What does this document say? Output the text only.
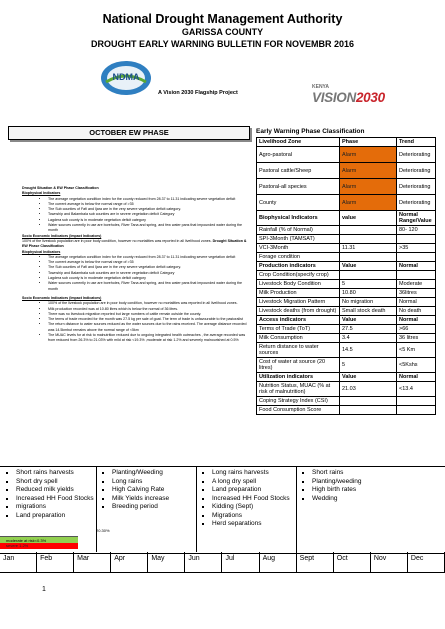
National Drought Management Authority
GARISSA COUNTY
DROUGHT EARLY WARNING BULLETIN FOR NOVEMBR 2016
NDMA
A Vision 2030 Flagship Project
KENYA
VISION2030
OCTOBER EW PHASE
Drought Situation & EW Phase Classification
Biophysical Indicators
• The average vegetation condition index for the county reduced from 28.37 to 11.31 indicating severe vegetation deficit
• The current average is below the normal range of >35
• The Sub counties of Fafi and Ijara are in the very severe vegetation deficit category.
• Township and Balambala sub counties are in severe vegetation deficit Category
• Lagdera sub county is in moderate vegetation deficit category
• Water sources currently in use are boreholes, River Tana and spring, and few water pans that impounded water during the month
Socio Economic Indicators (Impact Indicators)

100% of the livestock population are in poor body condition, however no mortalities was reported in all livelihood zones. Drought Situation & EW Phase Classification

Biophysical Indicators
• The average vegetation condition index for the county reduced from 28.37 to 11.31 indicating severe vegetation deficit
• The current average is below the normal range of >35
• The Sub counties of Fafi and Ijara are in the very severe vegetation deficit category.
• Township and Balambala sub counties are in severe vegetation deficit Category
• Lagdera sub county is in moderate vegetation deficit category
• Water sources currently in use are boreholes, River Tana and spring, and few water pans that impounded water during the month
Socio Economic Indicators (Impact Indicators)
• 100% of the livestock population are in poor body condition, however no mortalities was reported in all livelihood zones.
• Milk production recorded was at 10.80 litres which is below the normal of 36 litres.
• There was no livestock migration reported but large numbers of cattle remain outside the county.
• The terms of trade recorded for the month was 27.5 kg per sale of goat. The term of trade is unfavourable to the pastoralist
• The return distance to water sources reduced as the water sources due to the rains received. The average distance recorded was 14.5kmbut remains above the normal range of <5km
• The MUAC levels for at risk to malnutrition reduced due to ongoing integrated health outreaches , the average recorded was from reduced from 26.3% to 21.03% with mild at risk <19.3% ,moderate at risk 1.2% and severely malnourished at 0.5%
Early Warning Phase Classification
Livelihood Zone	Phase	Trend
Agro-pastoral	Alarm	Deteriorating
Pastoral cattle/Sheep	Alarm	Deteriorating
Pastoral-all species	Alarm	Deteriorating
County	Alarm	Deteriorating
Biophysical Indicators	value	Normal Range/Value
Rainfall (% of Normal)		80- 120
SPI-3Month (TAMSAT)		
VCI-3Month	11.31	>35
Forage condition		
Production indicators	Value	Normal
Crop Condition(specify crop)		
Livestock Body Condition	5	Moderate
Milk Production	10.80	36litres
Livestock Migration Pattern	No migration	Normal
Livestock deaths (from drought)	Small stock death	No death
Access indicators	Value	Normal
Terms of Trade (ToT)	27.5	>66
Milk Consumption	3.4	36 litres
Return distance to water sources	14.5	<5 Km
Cost of water at source (20 litres)	5	<5Kshs
Utilization indicators	Value	Normal
Nutrition Status, MUAC (% at risk of malnutrition)	21.03	<13.4
Coping Strategy Index (CSI)		
Food Consumption Score		
▪ Short rains harvests
▪ Short dry spell
▪ Reduced milk yields
▪ Increased HH Food Stocks
▪ migrations
▪ Land preparation
▪ Planting/Weeding
▪ Long rains
▪ High Calving Rate
▪ Milk Yields increase
▪ Breeding period
▪ Long rains harvests
▪ A long dry spell
▪ Land preparation
▪ Increased HH Food Stocks
▪ Kidding (Sept)
▪ Migrations
▪ Herd separations
▪ Short rains
▪ Planting/weeding
▪ High birth rates
▪ Wedding
20.30%
moderate at risk<0.3%
severe 1.2%
Jan	Feb	Mar	Apr	May	Jun	Jul	Aug	Sept	Oct	Nov	Dec
1
